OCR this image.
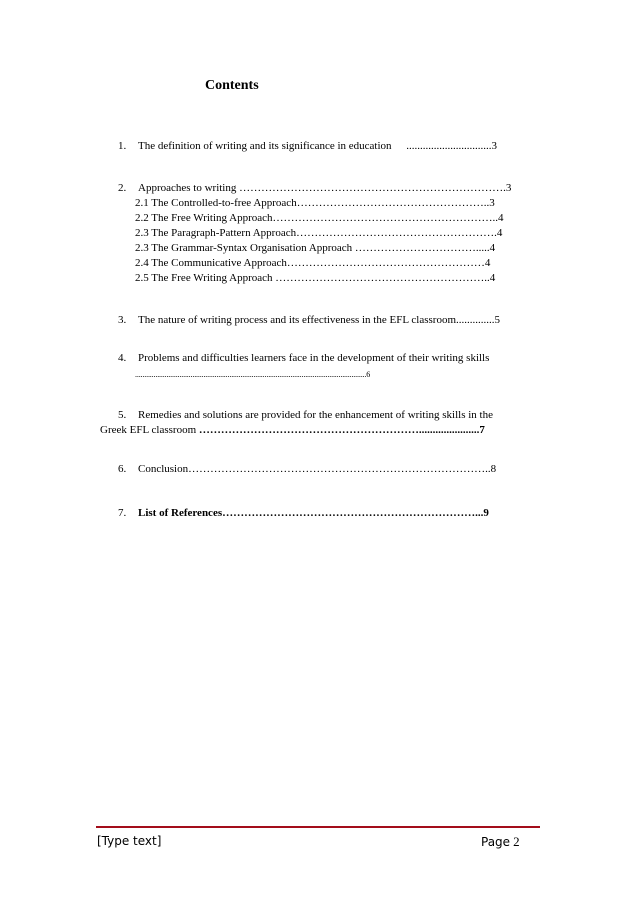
Contents
1. The definition of writing and its significance in education ...............................3
2. Approaches to writing ……………………………………………………………….3
2.1 The Controlled-to-free Approach……………………………………………..3
2.2 The Free Writing Approach……………………………………………………..4
2.3 The Paragraph-Pattern Approach……………………………………………….4
2.3 The Grammar-Syntax Organisation Approach …………………………….....4
2.4 The Communicative Approach………………………………………………4
2.5 The Free Writing Approach …………………………………………………..4
3. The nature of writing process and its effectiveness in the EFL classroom..............5
4. Problems and difficulties learners face in the development of their writing skills
.............................................................................................................................6
5. Remedies and solutions are provided for the enhancement of writing skills in the
Greek EFL classroom ……………………………………………………......................7
6. Conclusion………………………………………………………………………..8
7. List of References……………………………………………………………...9
[Type text]	Page 2
